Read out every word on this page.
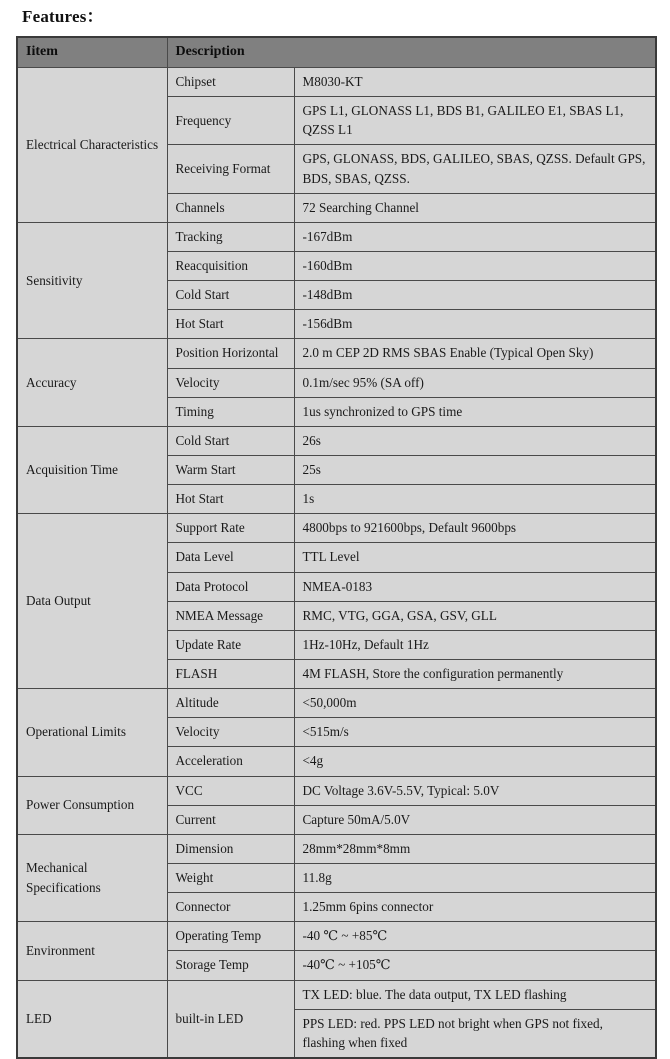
Features：
Iitem	Description	
Electrical Characteristics	Chipset	M8030-KT
	Frequency	GPS L1, GLONASS L1, BDS B1, GALILEO E1, SBAS L1, QZSS L1
	Receiving Format	GPS, GLONASS, BDS, GALILEO, SBAS, QZSS. Default GPS, BDS, SBAS, QZSS.
	Channels	72 Searching Channel
Sensitivity	Tracking	-167dBm
	Reacquisition	-160dBm
	Cold Start	-148dBm
	Hot Start	-156dBm
Accuracy	Position Horizontal	2.0 m CEP 2D RMS SBAS Enable (Typical Open Sky)
	Velocity	0.1m/sec 95% (SA off)
	Timing	1us synchronized to GPS time
Acquisition Time	Cold Start	26s
	Warm Start	25s
	Hot Start	1s
Data Output	Support Rate	4800bps to 921600bps, Default 9600bps
	Data Level	TTL Level
	Data Protocol	NMEA-0183
	NMEA Message	RMC, VTG, GGA, GSA, GSV, GLL
	Update Rate	1Hz-10Hz, Default 1Hz
	FLASH	4M FLASH, Store the configuration permanently
Operational Limits	Altitude	<50,000m
	Velocity	<515m/s
	Acceleration	<4g
Power Consumption	VCC	DC Voltage 3.6V-5.5V, Typical: 5.0V
	Current	Capture 50mA/5.0V
Mechanical Specifications	Dimension	28mm*28mm*8mm
	Weight	11.8g
	Connector	1.25mm 6pins connector
Environment	Operating Temp	-40 ℃ ~ +85℃
	Storage Temp	-40℃ ~ +105℃
LED	built-in LED	TX LED: blue. The data output, TX LED flashing
		PPS LED: red. PPS LED not bright when GPS not fixed, flashing when fixed
